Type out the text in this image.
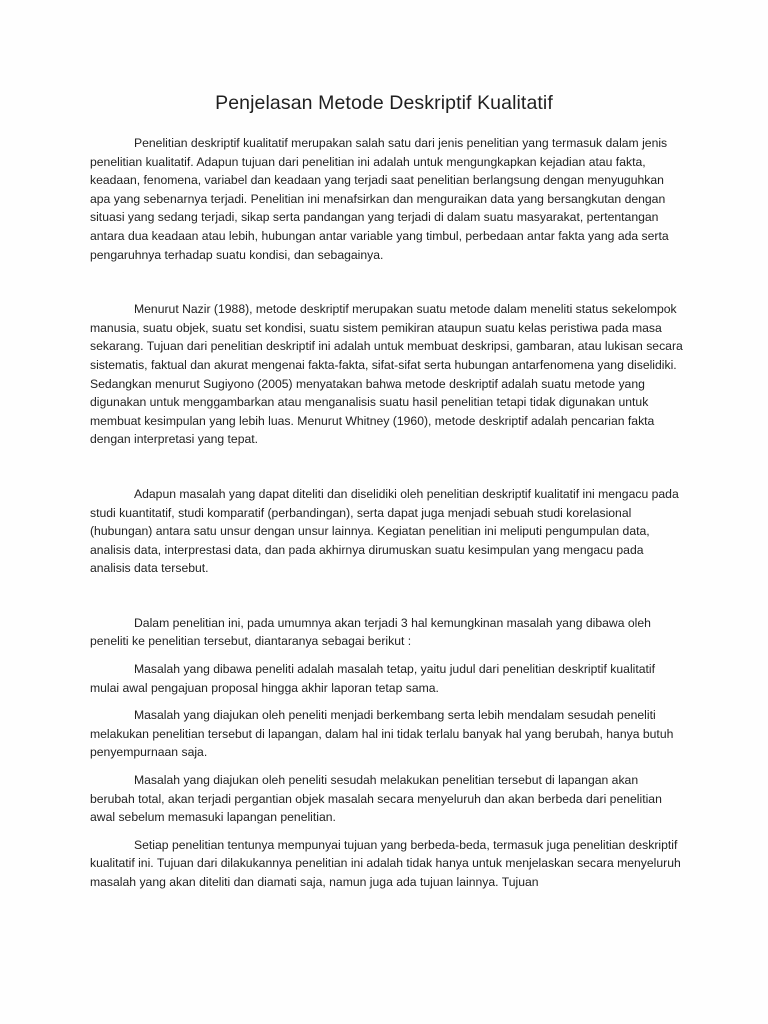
Penjelasan Metode Deskriptif Kualitatif

Penelitian deskriptif kualitatif merupakan salah satu dari jenis penelitian yang termasuk dalam jenis penelitian kualitatif. Adapun tujuan dari penelitian ini adalah untuk mengungkapkan kejadian atau fakta, keadaan, fenomena, variabel dan keadaan yang terjadi saat penelitian berlangsung dengan menyuguhkan apa yang sebenarnya terjadi. Penelitian ini menafsirkan dan menguraikan data yang bersangkutan dengan situasi yang sedang terjadi, sikap serta pandangan yang terjadi di dalam suatu masyarakat, pertentangan antara dua keadaan atau lebih, hubungan antar variable yang timbul, perbedaan antar fakta yang ada serta pengaruhnya terhadap suatu kondisi, dan sebagainya.

Menurut Nazir (1988), metode deskriptif merupakan suatu metode dalam meneliti status sekelompok manusia, suatu objek, suatu set kondisi, suatu sistem pemikiran ataupun suatu kelas peristiwa pada masa sekarang. Tujuan dari penelitian deskriptif ini adalah untuk membuat deskripsi, gambaran, atau lukisan secara sistematis, faktual dan akurat mengenai fakta-fakta, sifat-sifat serta hubungan antarfenomena yang diselidiki. Sedangkan menurut Sugiyono (2005) menyatakan bahwa metode deskriptif adalah suatu metode yang digunakan untuk menggambarkan atau menganalisis suatu hasil penelitian tetapi tidak digunakan untuk membuat kesimpulan yang lebih luas. Menurut Whitney (1960), metode deskriptif adalah pencarian fakta dengan interpretasi yang tepat.

Adapun masalah yang dapat diteliti dan diselidiki oleh penelitian deskriptif kualitatif ini mengacu pada studi kuantitatif, studi komparatif (perbandingan), serta dapat juga menjadi sebuah studi korelasional (hubungan) antara satu unsur dengan unsur lainnya. Kegiatan penelitian ini meliputi pengumpulan data, analisis data, interprestasi data, dan pada akhirnya dirumuskan suatu kesimpulan yang mengacu pada analisis data tersebut.

Dalam penelitian ini, pada umumnya akan terjadi 3 hal kemungkinan masalah yang dibawa oleh peneliti ke penelitian tersebut, diantaranya sebagai berikut :

Masalah yang dibawa peneliti adalah masalah tetap, yaitu judul dari penelitian deskriptif kualitatif mulai awal pengajuan proposal hingga akhir laporan tetap sama.

Masalah yang diajukan oleh peneliti menjadi berkembang serta lebih mendalam sesudah peneliti melakukan penelitian tersebut di lapangan, dalam hal ini tidak terlalu banyak hal yang berubah, hanya butuh penyempurnaan saja.

Masalah yang diajukan oleh peneliti sesudah melakukan penelitian tersebut di lapangan akan berubah total, akan terjadi pergantian objek masalah secara menyeluruh dan akan berbeda dari penelitian awal sebelum memasuki lapangan penelitian.

Setiap penelitian tentunya mempunyai tujuan yang berbeda-beda, termasuk juga penelitian deskriptif kualitatif ini. Tujuan dari dilakukannya penelitian ini adalah tidak hanya untuk menjelaskan secara menyeluruh masalah yang akan diteliti dan diamati saja, namun juga ada tujuan lainnya. Tujuan
